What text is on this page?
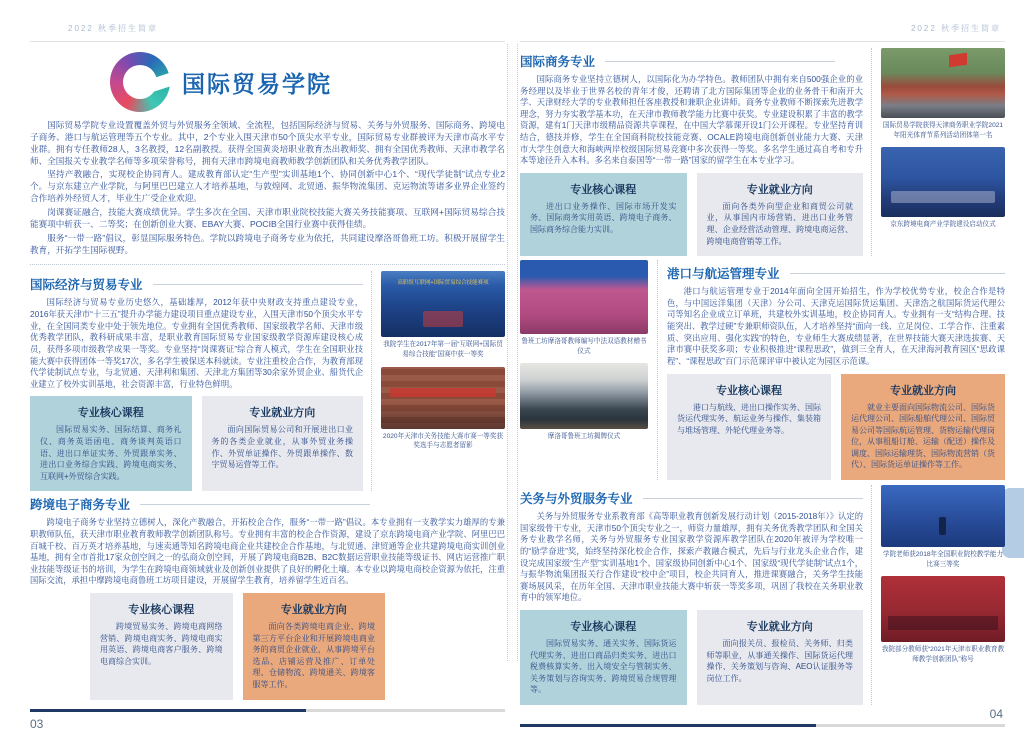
2022 秋季招生简章
国际贸易学院

国际贸易学院专业设置覆盖外贸与外贸服务全领域、全流程，包括国际经济与贸易、关务与外贸服务、国际商务、跨境电子商务、港口与航运管理等五个专业。其中，2个专业入围天津市50个顶尖水平专业，国际贸易专业群被评为天津市高水平专业群。拥有专任教师28人，3名教授，12名副教授。获得全国黄炎培职业教育杰出教师奖、拥有全国优秀教师、天津市教学名师、全国报关专业教学名师等多项荣誉称号，拥有天津市跨境电商教师教学创新团队和关务优秀教学团队。

坚持产教融合，实现校企协同育人。建成教育部认定“生产型”实训基地1个、协同创新中心1个、“现代学徒制”试点专业2个。与京东建立产业学院，与阿里巴巴建立人才培养基地，与敦煌网、北贸通、振华物流集团、克运物流等诸多业界企业签约合作培养外经贸人才，毕业生广受企业欢迎。

岗课赛证融合，技能大赛成绩优异。学生多次在全国、天津市职业院校技能大赛关务技能赛项、互联网+国际贸易综合技能赛项中斩获一、二等奖；在创新创业大赛、EBAY大赛、POCIB全国行业赛中获得佳绩。

服务“一带一路”倡议，彰显国际服务特色。学院以跨境电子商务专业为依托，共同建设摩洛哥鲁班工坊。积极开展留学生教育，开拓学生国际视野。

国际经济与贸易专业

国际经济与贸易专业历史悠久，基础雄厚，2012年获中央财政支持重点建设专业，2016年获天津市“十三五”提升办学能力建设项目重点建设专业，入围天津市50个顶尖水平专业，在全国同类专业中处于领先地位。专业拥有全国优秀教师、国家级教学名师、天津市级优秀教学团队，教科研成果丰富，是职业教育国际贸易专业国家级教学资源库建设核心成员，获得多项市级教学成果一等奖。专业坚持“岗课赛证”综合育人模式，学生在全国职业技能大赛中获得团体一等奖17次，多名学生被保送本科就读。专业注重校企合作，为教育部现代学徒制试点专业，与北贸通、天津利和集团、天津北方集团等30余家外贸企业、船货代企业建立了校外实训基地，社会资源丰富，行业特色鲜明。

专业核心课程

国际贸易实务、国际结算、商务礼仪、商务英语函电、商务谈判英语口语、进出口单证实务、外贸跟单实务、进出口业务综合实践、跨境电商实务、互联网+外贸综合实践。

专业就业方向

面向国际贸易公司和开展进出口业务的各类企业就业，从事外贸业务操作、外贸单证操作、外贸跟单操作、数字贸易运营等工作。

高职组互联网+国际贸易综合技能赛项
我院学生在2017年第一届“互联网+国际贸易综合技能”国赛中获一等奖
2020年天津市关务技能大赛市赛一等奖获奖选手与志愿者留影
跨境电子商务专业

跨境电子商务专业坚持立德树人，深化产教融合，开拓校企合作，服务“一带一路”倡议。本专业拥有一支教学实力雄厚的专兼职教师队伍，获天津市职业教育教师教学创新团队称号。专业拥有丰富的校企合作资源，建设了京东跨境电商产业学院、阿里巴巴百城千校、百万英才培养基地，与速卖通等知名跨境电商企业共建校企合作基地，与北贸通、津贸通等企业共建跨境电商实训创业基地，拥有全市首批17家众创空间之一的弘商众创空间，开展了跨境电商B2B、B2C数据运营职业技能等级证书、网店运营推广职业技能等级证书的培训，为学生在跨境电商领域就业及创新创业提供了良好的孵化土壤。本专业以跨境电商校企资源为依托，注重国际交流，承担中摩跨境电商鲁班工坊项目建设，开展留学生教育，培养留学生近百名。

专业核心课程

跨境贸易实务、跨境电商网络营销、跨境电商实务、跨境电商实用英语、跨境电商客户服务、跨境电商综合实训。

专业就业方向

面向各类跨境电商企业、跨境第三方平台企业和开展跨境电商业务的商贸企业就业，从事跨境平台选品、店铺运营及推广、订单处理、仓储物流、跨境通关、跨境客服等工作。

03
2022 秋季招生简章
国际商务专业

国际商务专业坚持立德树人，以国际化为办学特色。教师团队中拥有来自500强企业的业务经理以及毕业于世界名校的青年才俊，还聘请了北方国际集团等企业的业务骨干和南开大学、天津财经大学的专业教师担任客座教授和兼职企业讲师。商务专业教师不断探索先进教学理念，努力夯实教学基本功，在天津市教师教学能力比赛中获奖。专业建设积累了丰富的教学资源，建有1门天津市级精品资源共享课程，在中国大学慕课开设1门公开课程。专业坚持育训结合，德技并修，学生在全国商科院校技能竞赛、OCALE跨境电商创新创业能力大赛、天津市大学生创意大和海峡两岸校级国际贸易竞赛中多次获得一等奖。多名学生通过高自考和专升本等途径升入本科。多名来自泰国等“一带一路”国家的留学生在本专业学习。

专业核心课程

进出口业务操作、国际市场开发实务、国际商务实用英语、跨境电子商务、国际商务综合能力实训。

专业就业方向

面向各类外向型企业和商贸公司就业，从事国内市场营销、进出口业务管理、企业经营活动管理、跨境电商运营、跨境电商营销等工作。

国际贸易学院获得天津商务职业学院2021年阳光体育节系列活动团体第一名
京东跨境电商产业学院建设启动仪式
鲁班工坊摩洛哥教师编写中法双语教材赠书仪式
摩洛哥鲁班工坊揭牌仪式
港口与航运管理专业

港口与航运管理专业于2014年面向全国开始招生，作为学校优势专业，校企合作是特色，与中国远洋集团（天津）分公司、天津克运国际货运集团、天津浩之航国际货运代理公司等知名企业成立订单班，共建校外实训基地，校企协同育人。专业拥有一支“结构合理、技能突出、教学过硬”专兼职师资队伍，人才培养坚持“面向一线、立足岗位、工学合作、注重素质、突出应用、强化实践”的特色，专业师生大赛成绩显著，在世界技能大赛天津选拔赛、天津市赛中获奖多项；专业积极推进“课程思政”，做到三全育人，在天津海河教育园区“思政课程”、“课程思政”百门示范课评审中被认定为园区示范课。

专业核心课程

港口与航线、进出口操作实务、国际货运代理实务、航运业务与操作、集装箱与堆场管理、外轮代理业务等。

专业就业方向

就业主要面向国际物流公司、国际货运代理公司、国际船舶代理公司、国际贸易公司等国际航运管理、货物运输代理岗位，从事租船订舱、运输（配送）操作及调度、国际运输理货、国际物流营销（货代）、国际货运单证操作等工作。

关务与外贸服务专业

关务与外贸服务专业系教育部《高等职业教育创新发展行动计划（2015-2018年）》认定的国家级骨干专业，天津市50个顶尖专业之一，师资力量雄厚，拥有关务优秀教学团队和全国关务专业教学名师，关务与外贸服务专业国家教学资源库教学团队在2020年被评为学校唯一的“励学奋进”奖，始终坚持深化校企合作，探索产教融合模式，先后与行业龙头企业合作，建设完成国家级“生产型”实训基地1个、国家级协同创新中心1个、国家级“现代学徒制”试点1个，与振华物流集团报关行合作建设“校中企”项目，校企共同育人，推进课赛融合，关务学生技能赛场展风采，在历年全国、天津市职业技能大赛中斩获一等奖多项，巩固了我校在关务职业教育中的领军地位。

专业核心课程

国际贸易实务、通关实务、国际货运代理实务、进出口商品归类实务、进出口税费核算实务、出入境安全与管制实务、关务策划与咨询实务、跨境贸易合规管理等。

专业就业方向

面向报关员、报检员、关务师、归类师等职业，从事通关操作、国际货运代理操作、关务策划与咨询、AEO认证服务等岗位工作。

学院老师获2018年全国职业院校教学能力比赛三等奖
我院部分教师获“2021年天津市职业教育教师教学创新团队”称号
04
